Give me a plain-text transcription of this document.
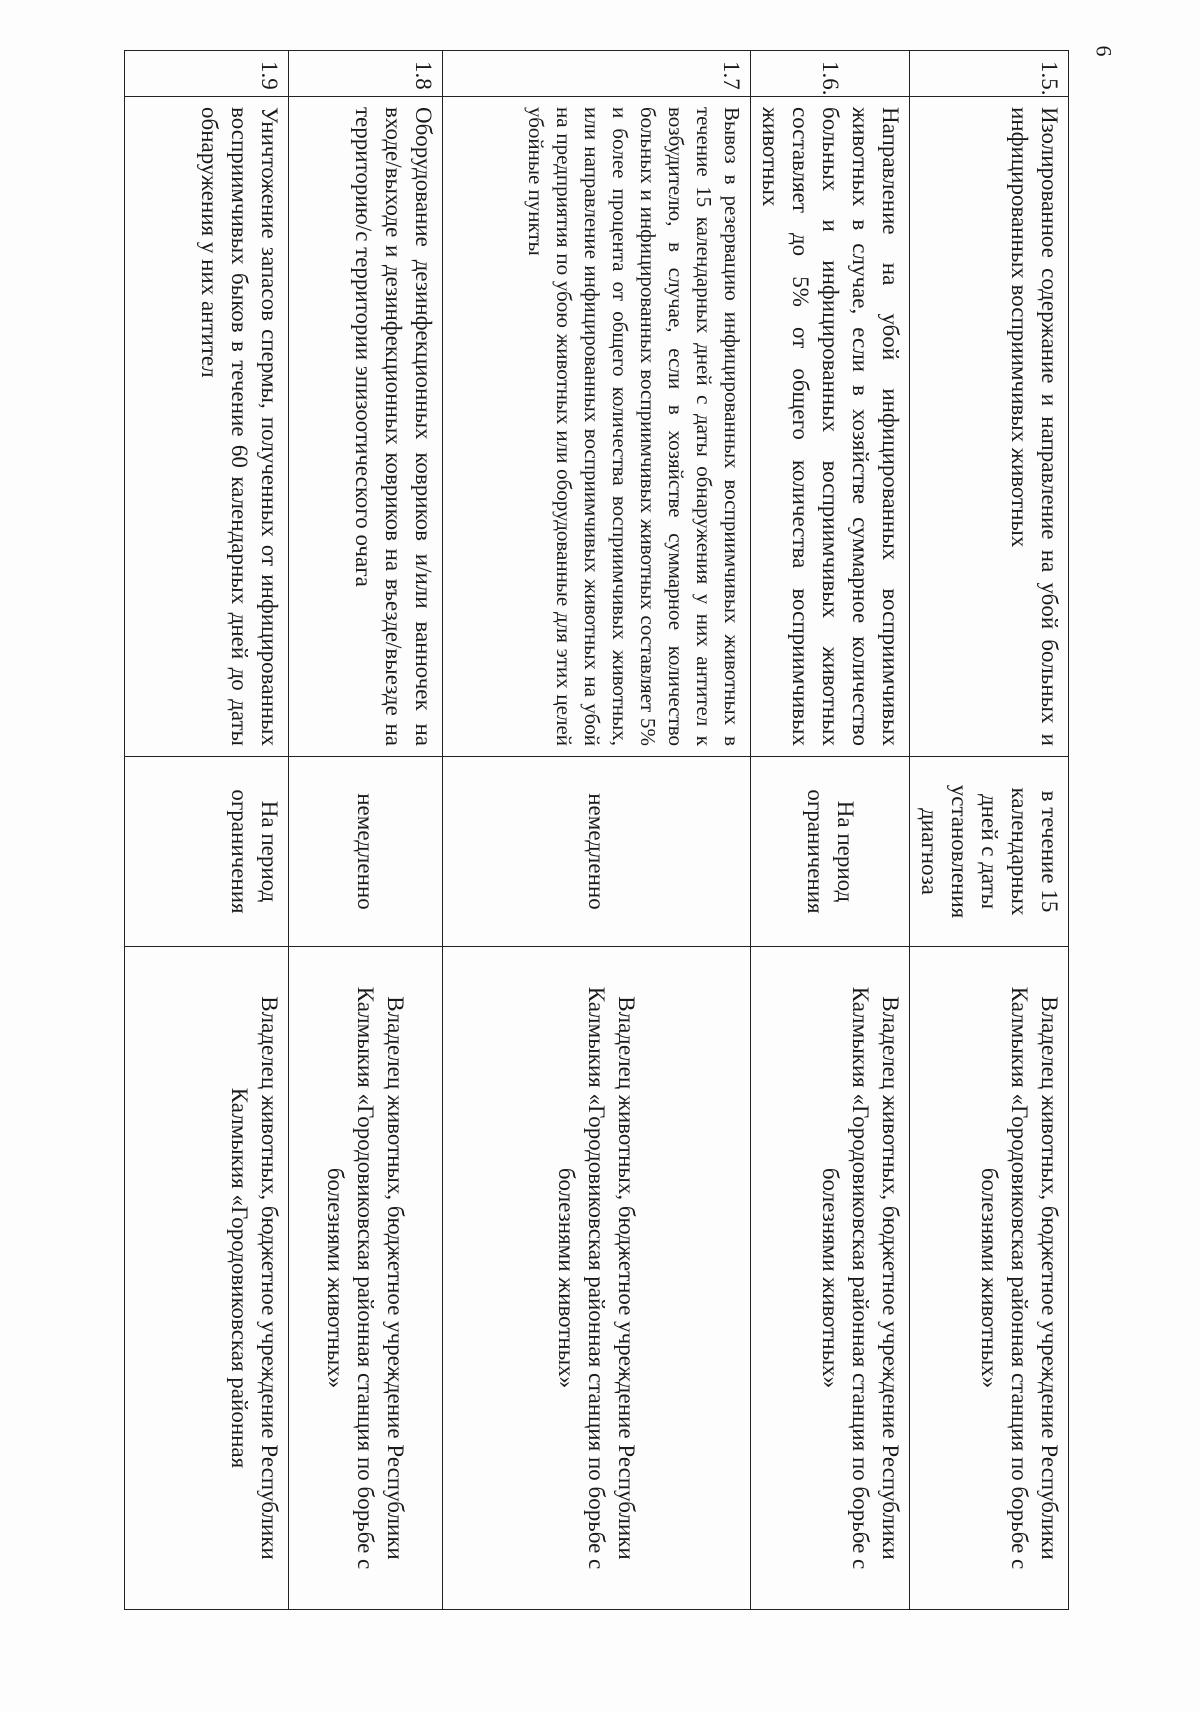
6
1.5.	Изолированное содержание и направление на убой больных и инфицированных восприимчивых животных	в течение 15 календарных дней с даты установления диагноза	Владелец животных, бюджетное учреждение Республики Калмыкия «Городовиковская районная станция по борьбе с болезнями животных»
1.6.	Направление на убой инфицированных восприимчивых животных в случае, если в хозяйстве суммарное количество больных и инфицированных восприимчивых животных составляет до 5% от общего количества восприимчивых животных	На период ограничения	Владелец животных, бюджетное учреждение Республики Калмыкия «Городовиковская районная станция по борьбе с болезнями животных»
1.7	Вывоз в резервацию инфицированных восприимчивых животных в течение 15 календарных дней с даты обнаружения у них антител к возбудителю, в случае, если в хозяйстве суммарное количество больных и инфицированных восприимчивых животных составляет 5% и более процента от общего количества восприимчивых животных, или направление инфицированных восприимчивых животных на убой на предприятия по убою животных или оборудованные для этих целей убойные пункты	немедленно	Владелец животных, бюджетное учреждение Республики Калмыкия «Городовиковская районная станция по борьбе с болезнями животных»
1.8	Оборудование дезинфекционных ковриков и/или ванночек на входе/выходе и дезинфекционных ковриков на въезде/выезде на территорию/с территории эпизоотического очага	немедленно	Владелец животных, бюджетное учреждение Республики Калмыкия «Городовиковская районная станция по борьбе с болезнями животных»
1.9	Уничтожение запасов спермы, полученных от инфицированных восприимчивых быков в течение 60 календарных дней до даты обнаружения у них антител	На период ограничения	Владелец животных, бюджетное учреждение Республики Калмыкия «Городовиковская районная
